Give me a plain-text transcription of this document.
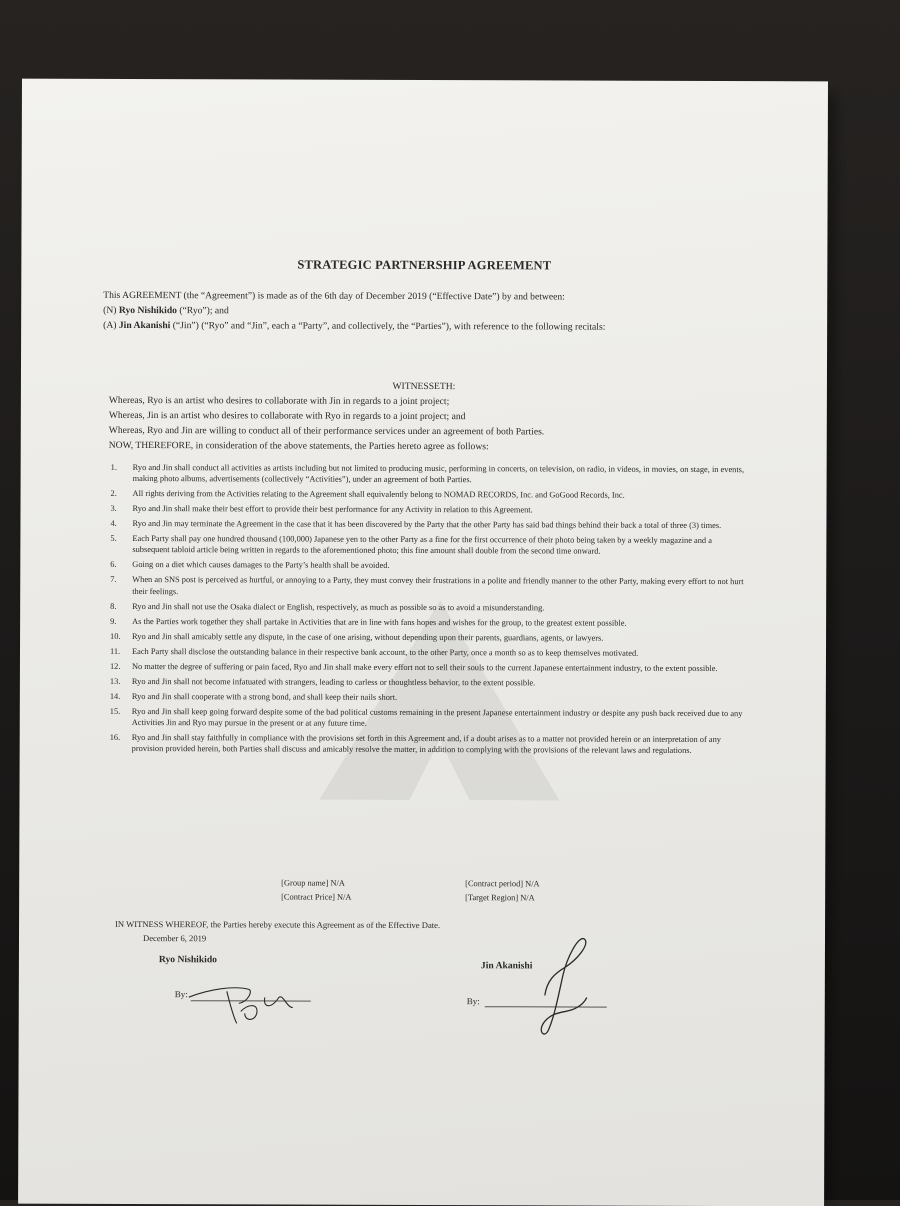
STRATEGIC PARTNERSHIP AGREEMENT
This AGREEMENT (the “Agreement”) is made as of the 6th day of December 2019 (“Effective Date”) by and between:
(N) Ryo Nishikido (“Ryo”); and
(A) Jin Akanishi (“Jin”) (“Ryo” and “Jin”, each a “Party”, and collectively, the “Parties”), with reference to the following recitals:
WITNESSETH:
Whereas, Ryo is an artist who desires to collaborate with Jin in regards to a joint project;
Whereas, Jin is an artist who desires to collaborate with Ryo in regards to a joint project; and
Whereas, Ryo and Jin are willing to conduct all of their performance services under an agreement of both Parties.
NOW, THEREFORE, in consideration of the above statements, the Parties hereto agree as follows:
1. Ryo and Jin shall conduct all activities as artists including but not limited to producing music, performing in concerts, on television, on radio, in videos, in movies, on stage, in events, making photo albums, advertisements (collectively “Activities”), under an agreement of both Parties.
2. All rights deriving from the Activities relating to the Agreement shall equivalently belong to NOMAD RECORDS, Inc. and GoGood Records, Inc.
3. Ryo and Jin shall make their best effort to provide their best performance for any Activity in relation to this Agreement.
4. Ryo and Jin may terminate the Agreement in the case that it has been discovered by the Party that the other Party has said bad things behind their back a total of three (3) times.
5. Each Party shall pay one hundred thousand (100,000) Japanese yen to the other Party as a fine for the first occurrence of their photo being taken by a weekly magazine and a subsequent tabloid article being written in regards to the aforementioned photo; this fine amount shall double from the second time onward.
6. Going on a diet which causes damages to the Party’s health shall be avoided.
7. When an SNS post is perceived as hurtful, or annoying to a Party, they must convey their frustrations in a polite and friendly manner to the other Party, making every effort to not hurt their feelings.
8. Ryo and Jin shall not use the Osaka dialect or English, respectively, as much as possible so as to avoid a misunderstanding.
9. As the Parties work together they shall partake in Activities that are in line with fans hopes and wishes for the group, to the greatest extent possible.
10. Ryo and Jin shall amicably settle any dispute, in the case of one arising, without depending upon their parents, guardians, agents, or lawyers.
11. Each Party shall disclose the outstanding balance in their respective bank account, to the other Party, once a month so as to keep themselves motivated.
12. No matter the degree of suffering or pain faced, Ryo and Jin shall make every effort not to sell their souls to the current Japanese entertainment industry, to the extent possible.
13. Ryo and Jin shall not become infatuated with strangers, leading to carless or thoughtless behavior, to the extent possible.
14. Ryo and Jin shall cooperate with a strong bond, and shall keep their nails short.
15. Ryo and Jin shall keep going forward despite some of the bad political customs remaining in the present Japanese entertainment industry or despite any push back received due to any Activities Jin and Ryo may pursue in the present or at any future time.
16. Ryo and Jin shall stay faithfully in compliance with the provisions set forth in this Agreement and, if a doubt arises as to a matter not provided herein or an interpretation of any provision provided herein, both Parties shall discuss and amicably resolve the matter, in addition to complying with the provisions of the relevant laws and regulations.
[Group name] N/A	[Contract period] N/A
[Contract Price] N/A	[Target Region] N/A
IN WITNESS WHEREOF, the Parties hereby execute this Agreement as of the Effective Date.
December 6, 2019
Ryo Nishikido
Jin Akanishi
By:
By:
